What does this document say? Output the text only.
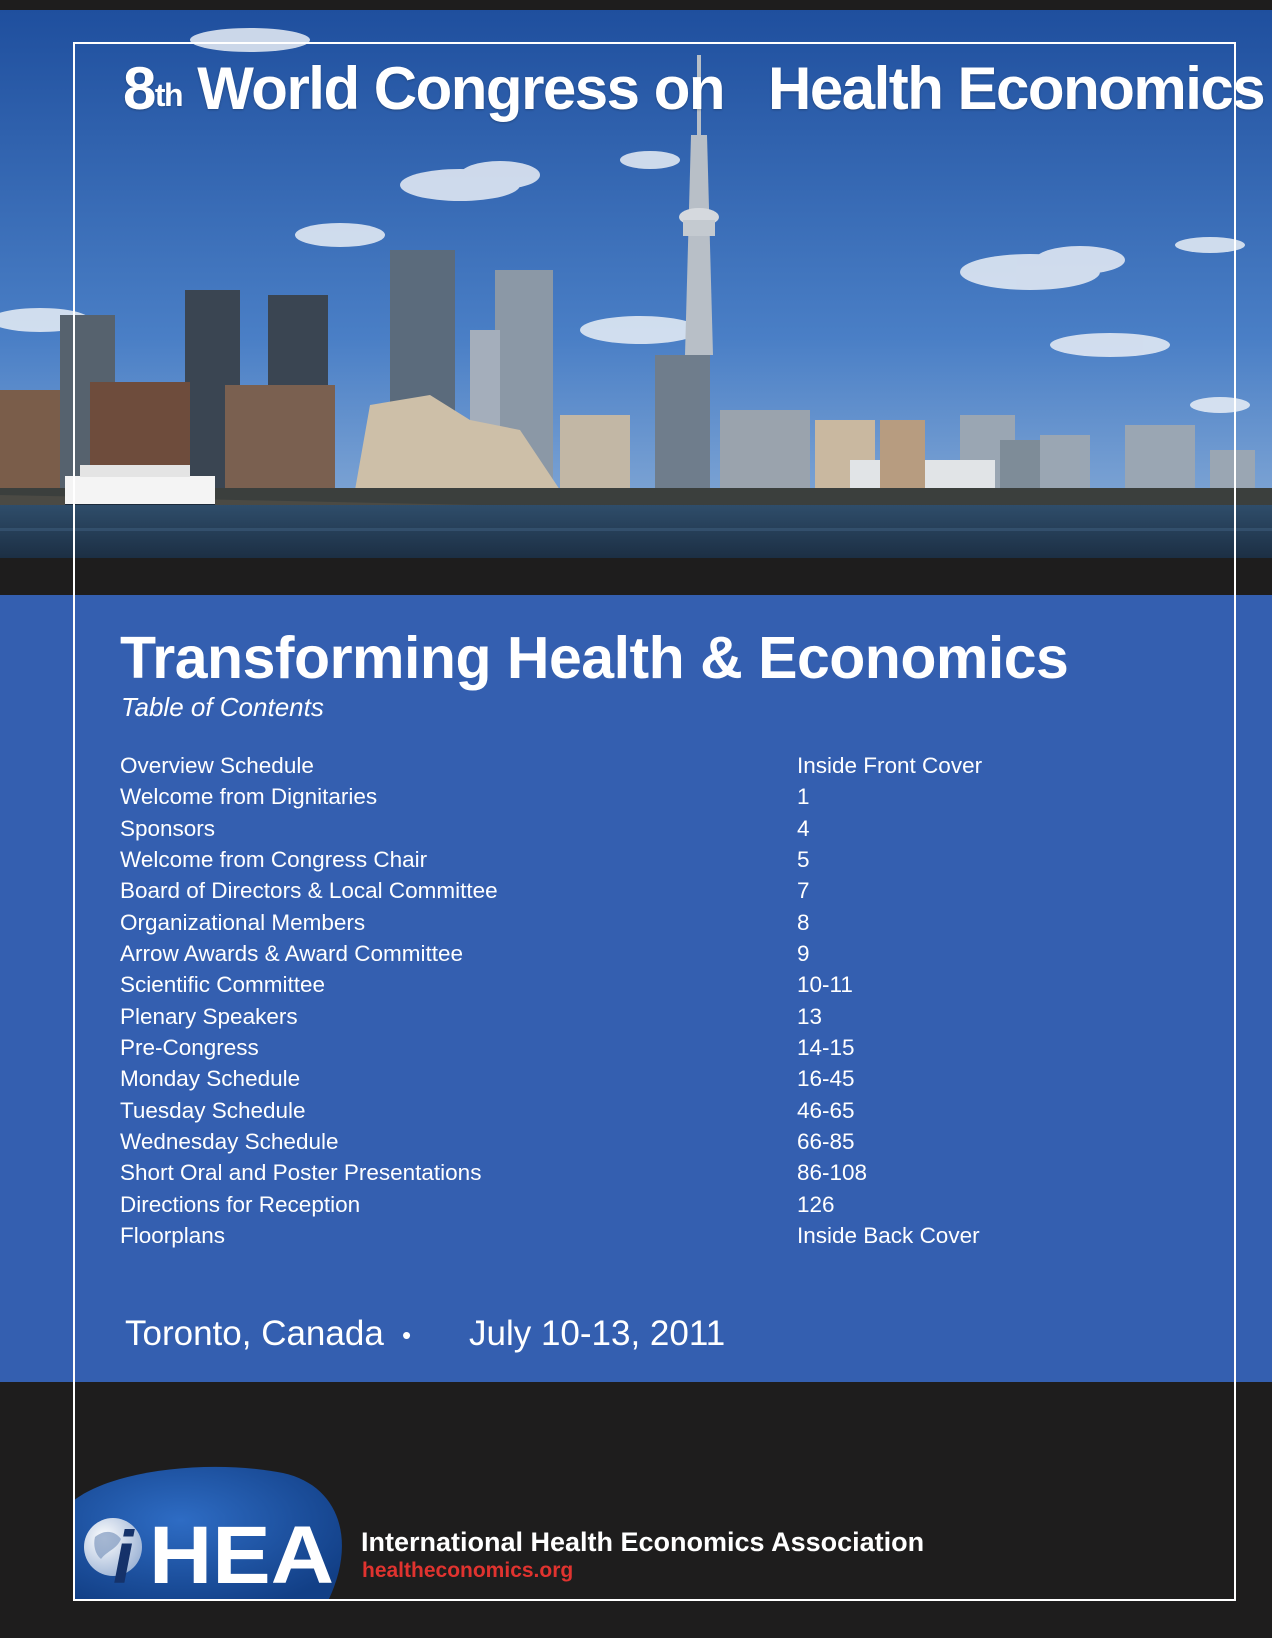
8th World Congress on Health Economics
Transforming Health & Economics
Table of Contents
Overview Schedule	Inside Front Cover
Welcome from Dignitaries	1
Sponsors	4
Welcome from Congress Chair	5
Board of Directors & Local Committee	7
Organizational Members	8
Arrow Awards & Award Committee	9
Scientific Committee	10-11
Plenary Speakers	13
Pre-Congress	14-15
Monday Schedule	16-45
Tuesday Schedule	46-65
Wednesday Schedule	66-85
Short Oral and Poster Presentations	86-108
Directions for Reception	126
Floorplans	Inside Back Cover
Toronto, Canada • July 10-13, 2011
i HEA International Health Economics Association
healtheconomics.org
